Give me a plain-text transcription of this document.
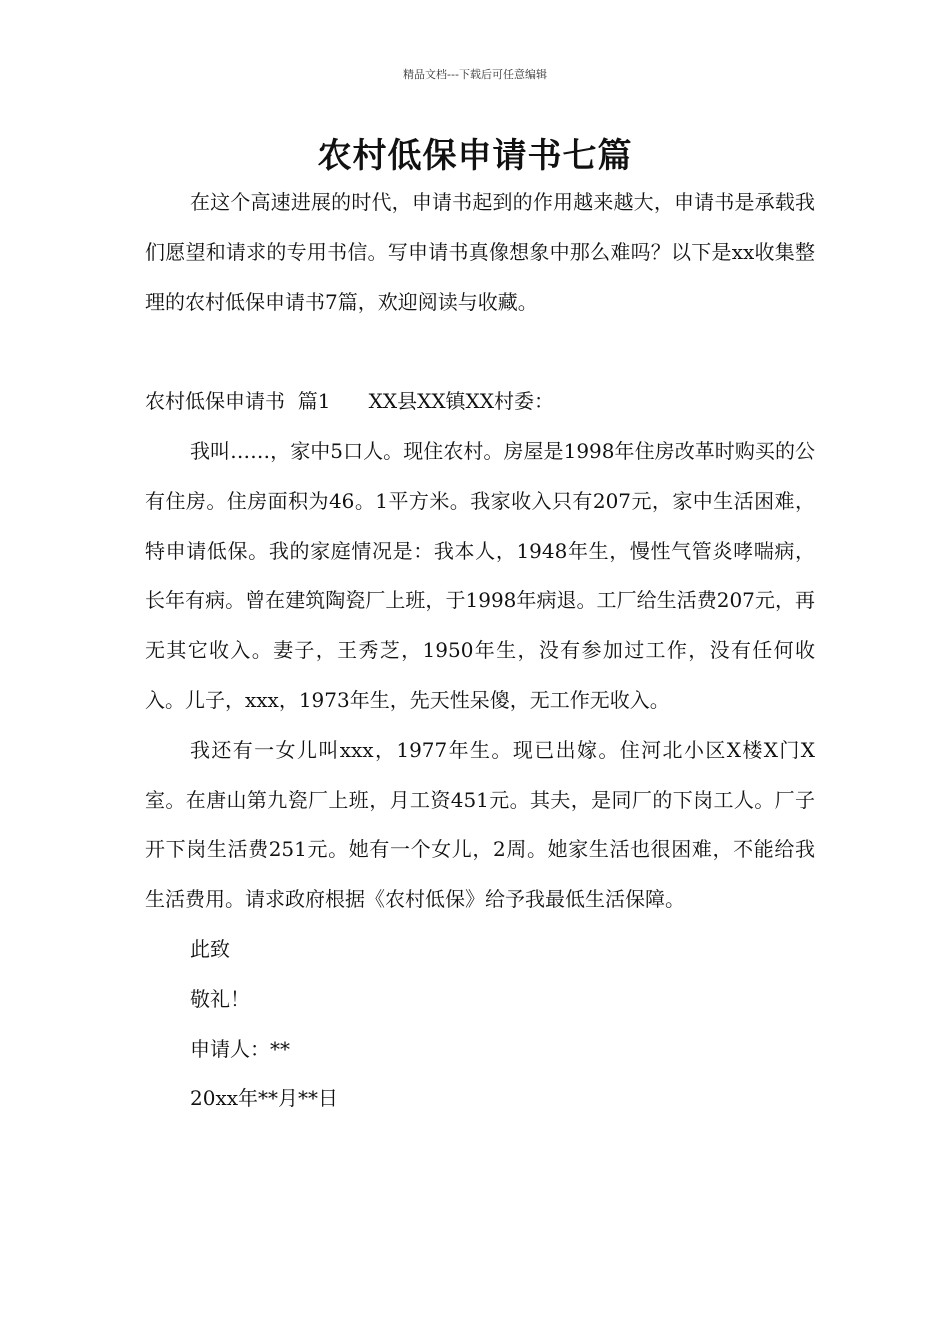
精品文档---下载后可任意编辑
农村低保申请书七篇

在这个高速进展的时代，申请书起到的作用越来越大，申请书是承载我们愿望和请求的专用书信。写申请书真像想象中那么难吗？以下是xx收集整理的农村低保申请书7篇，欢迎阅读与收藏。

农村低保申请书  篇1 XX县XX镇XX村委：

我叫……，家中5口人。现住农村。房屋是1998年住房改革时购买的公有住房。住房面积为46。1平方米。我家收入只有207元，家中生活困难，特申请低保。我的家庭情况是：我本人，1948年生，慢性气管炎哮喘病，长年有病。曾在建筑陶瓷厂上班，于1998年病退。工厂给生活费207元，再无其它收入。妻子，王秀芝，1950年生，没有参加过工作，没有任何收入。儿子，xxx，1973年生，先天性呆傻，无工作无收入。

我还有一女儿叫xxx，1977年生。现已出嫁。住河北小区X楼X门X室。在唐山第九瓷厂上班，月工资451元。其夫，是同厂的下岗工人。厂子开下岗生活费251元。她有一个女儿，2周。她家生活也很困难，不能给我生活费用。请求政府根据《农村低保》给予我最低生活保障。

此致

敬礼！

申请人：**

20xx年**月**日
